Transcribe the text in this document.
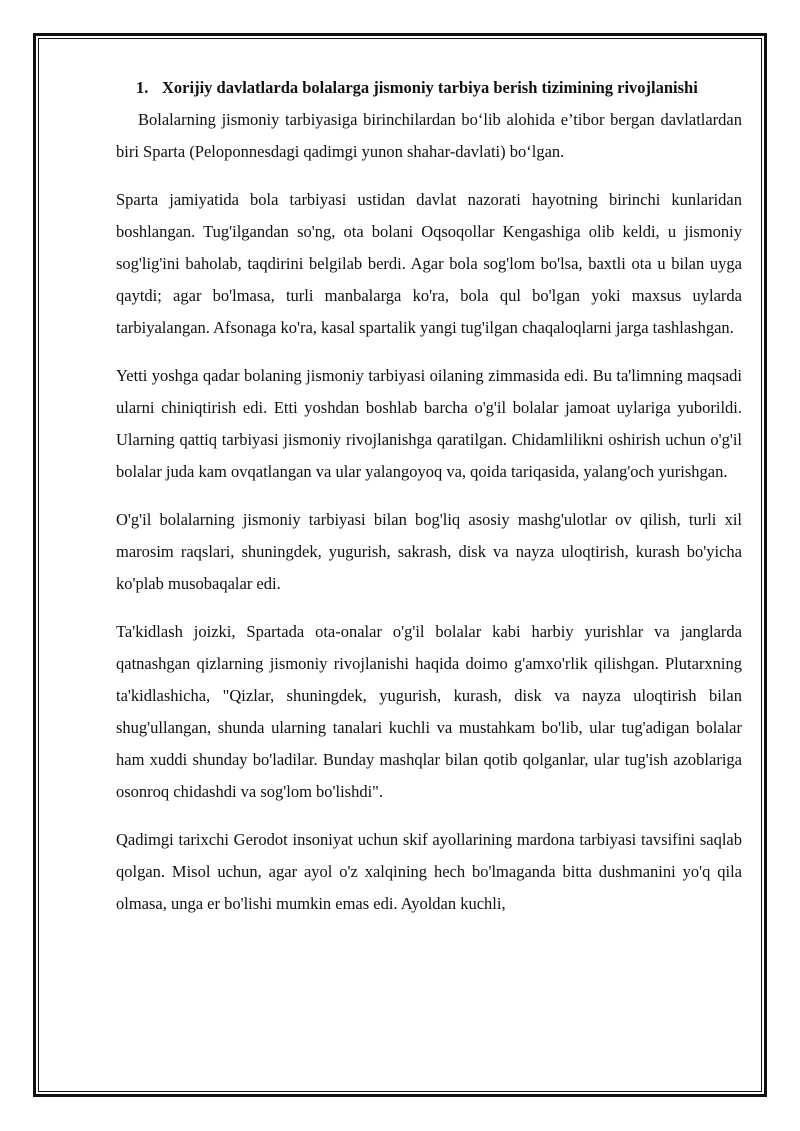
1. Xorijiy davlatlarda bolalarga jismoniy tarbiya berish tizimining rivojlanishi

Bolalarning jismoniy tarbiyasiga birinchilardan bo‘lib alohida e’tibor bergan davlatlardan biri Sparta (Peloponnesdagi qadimgi yunon shahar-davlati) bo‘lgan.

Sparta jamiyatida bola tarbiyasi ustidan davlat nazorati hayotning birinchi kunlaridan boshlangan. Tug'ilgandan so'ng, ota bolani Oqsoqollar Kengashiga olib keldi, u jismoniy sog'lig'ini baholab, taqdirini belgilab berdi. Agar bola sog'lom bo'lsa, baxtli ota u bilan uyga qaytdi; agar bo'lmasa, turli manbalarga ko'ra, bola qul bo'lgan yoki maxsus uylarda tarbiyalangan. Afsonaga ko'ra, kasal spartalik yangi tug'ilgan chaqaloqlarni jarga tashlashgan.

Yetti yoshga qadar bolaning jismoniy tarbiyasi oilaning zimmasida edi. Bu ta'limning maqsadi ularni chiniqtirish edi. Etti yoshdan boshlab barcha o'g'il bolalar jamoat uylariga yuborildi. Ularning qattiq tarbiyasi jismoniy rivojlanishga qaratilgan. Chidamlilikni oshirish uchun o'g'il bolalar juda kam ovqatlangan va ular yalangoyoq va, qoida tariqasida, yalang'och yurishgan.

O'g'il bolalarning jismoniy tarbiyasi bilan bog'liq asosiy mashg'ulotlar ov qilish, turli xil marosim raqslari, shuningdek, yugurish, sakrash, disk va nayza uloqtirish, kurash bo'yicha ko'plab musobaqalar edi.

Ta'kidlash joizki, Spartada ota-onalar o'g'il bolalar kabi harbiy yurishlar va janglarda qatnashgan qizlarning jismoniy rivojlanishi haqida doimo g'amxo'rlik qilishgan. Plutarxning ta'kidlashicha, "Qizlar, shuningdek, yugurish, kurash, disk va nayza uloqtirish bilan shug'ullangan, shunda ularning tanalari kuchli va mustahkam bo'lib, ular tug'adigan bolalar ham xuddi shunday bo'ladilar. Bunday mashqlar bilan qotib qolganlar, ular tug'ish azoblariga osonroq chidashdi va sog'lom bo'lishdi".

Qadimgi tarixchi Gerodot insoniyat uchun skif ayollarining mardona tarbiyasi tavsifini saqlab qolgan. Misol uchun, agar ayol o'z xalqining hech bo'lmaganda bitta dushmanini yo'q qila olmasa, unga er bo'lishi mumkin emas edi. Ayoldan kuchli,
